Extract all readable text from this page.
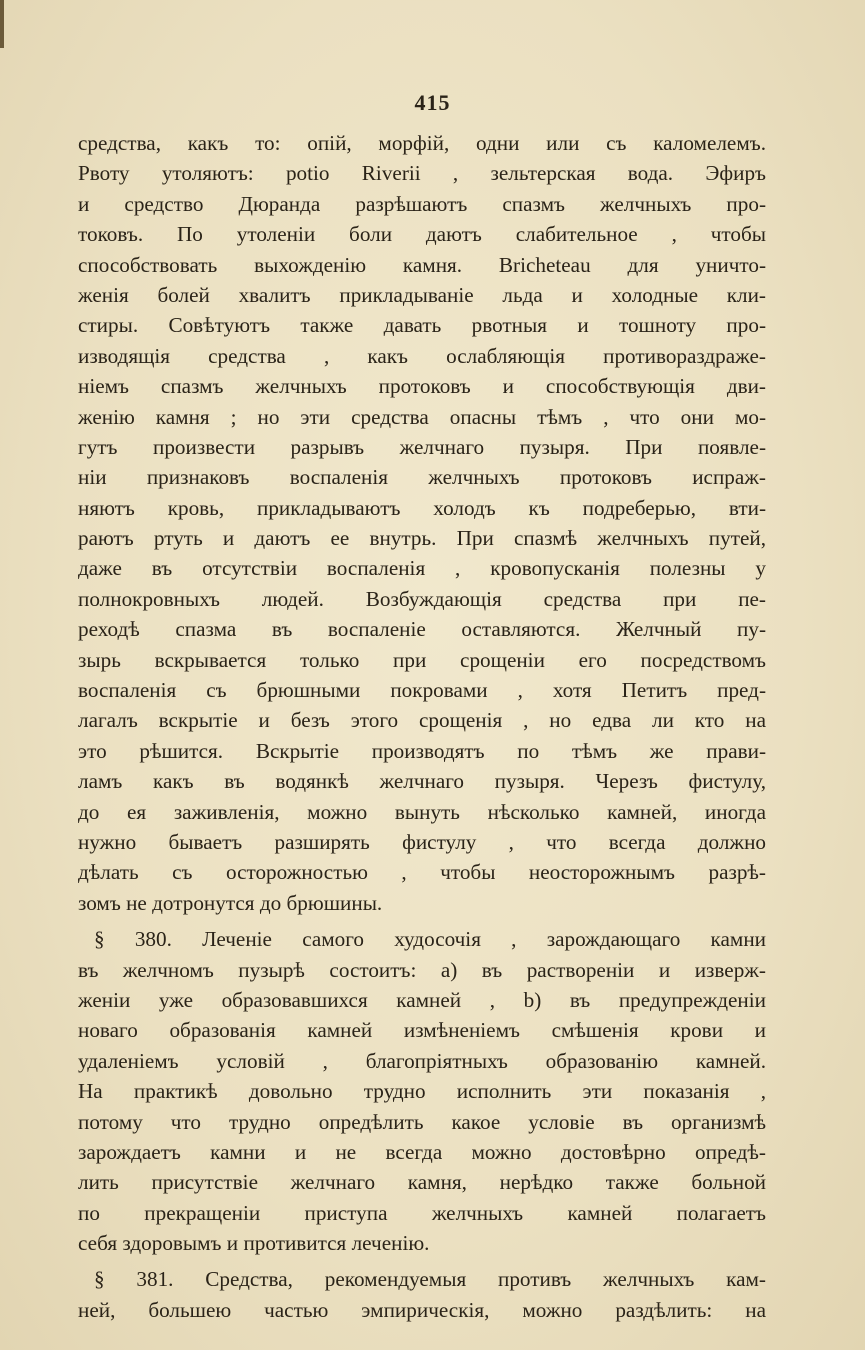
415
средства, какъ то: опій, морфій, одни или съ каломелемъ.
Рвоту утоляютъ: potio Riverii , зельтерская вода. Эфиръ
и средство Дюранда разрѣшаютъ спазмъ желчныхъ про-
токовъ. По утоленіи боли даютъ слабительное , чтобы
способствовать выхожденію камня. Bricheteau для уничто-
женія болей хвалитъ прикладываніе льда и холодные кли-
стиры. Совѣтуютъ также давать рвотныя и тошноту про-
изводящія средства , какъ ослабляющія противораздраже-
ніемъ спазмъ желчныхъ протоковъ и способствующія дви-
женію камня ; но эти средства опасны тѣмъ , что они мо-
гутъ произвести разрывъ желчнаго пузыря. При появле-
ніи признаковъ воспаленія желчныхъ протоковъ испраж-
няютъ кровь, прикладываютъ холодъ къ подреберью, вти-
раютъ ртуть и даютъ ее внутрь. При спазмѣ желчныхъ путей,
даже въ отсутствіи воспаленія , кровопусканія полезны у
полнокровныхъ людей. Возбуждающія средства при пе-
реходѣ спазма въ воспаленіе оставляются. Желчный пу-
зырь вскрывается только при срощеніи его посредствомъ
воспаленія съ брюшными покровами , хотя Петитъ пред-
лагалъ вскрытіе и безъ этого срощенія , но едва ли кто на
это рѣшится. Вскрытіе производятъ по тѣмъ же прави-
ламъ какъ въ водянкѣ желчнаго пузыря. Черезъ фистулу,
до ея заживленія, можно вынуть нѣсколько камней, иногда
нужно бываетъ разширять фистулу , что всегда должно
дѣлать съ осторожностью , чтобы неосторожнымъ разрѣ-
зомъ не дотронутся до брюшины.
§ 380. Леченіе самого худосочія , зарождающаго камни
въ желчномъ пузырѣ состоитъ: a) въ раствореніи и изверж-
женіи уже образовавшихся камней , b) въ предупрежденіи
новаго образованія камней измѣненіемъ смѣшенія крови и
удаленіемъ условій , благопріятныхъ образованію камней.
На практикѣ довольно трудно исполнить эти показанія ,
потому что трудно опредѣлить какое условіе въ организмѣ
зарождаетъ камни и не всегда можно достовѣрно опредѣ-
лить присутствіе желчнаго камня, нерѣдко также больной
по прекращеніи приступа желчныхъ камней полагаетъ
себя здоровымъ и противится леченію.
§ 381. Средства, рекомендуемыя противъ желчныхъ кам-
ней, большею частью эмпирическія, можно раздѣлить: на
